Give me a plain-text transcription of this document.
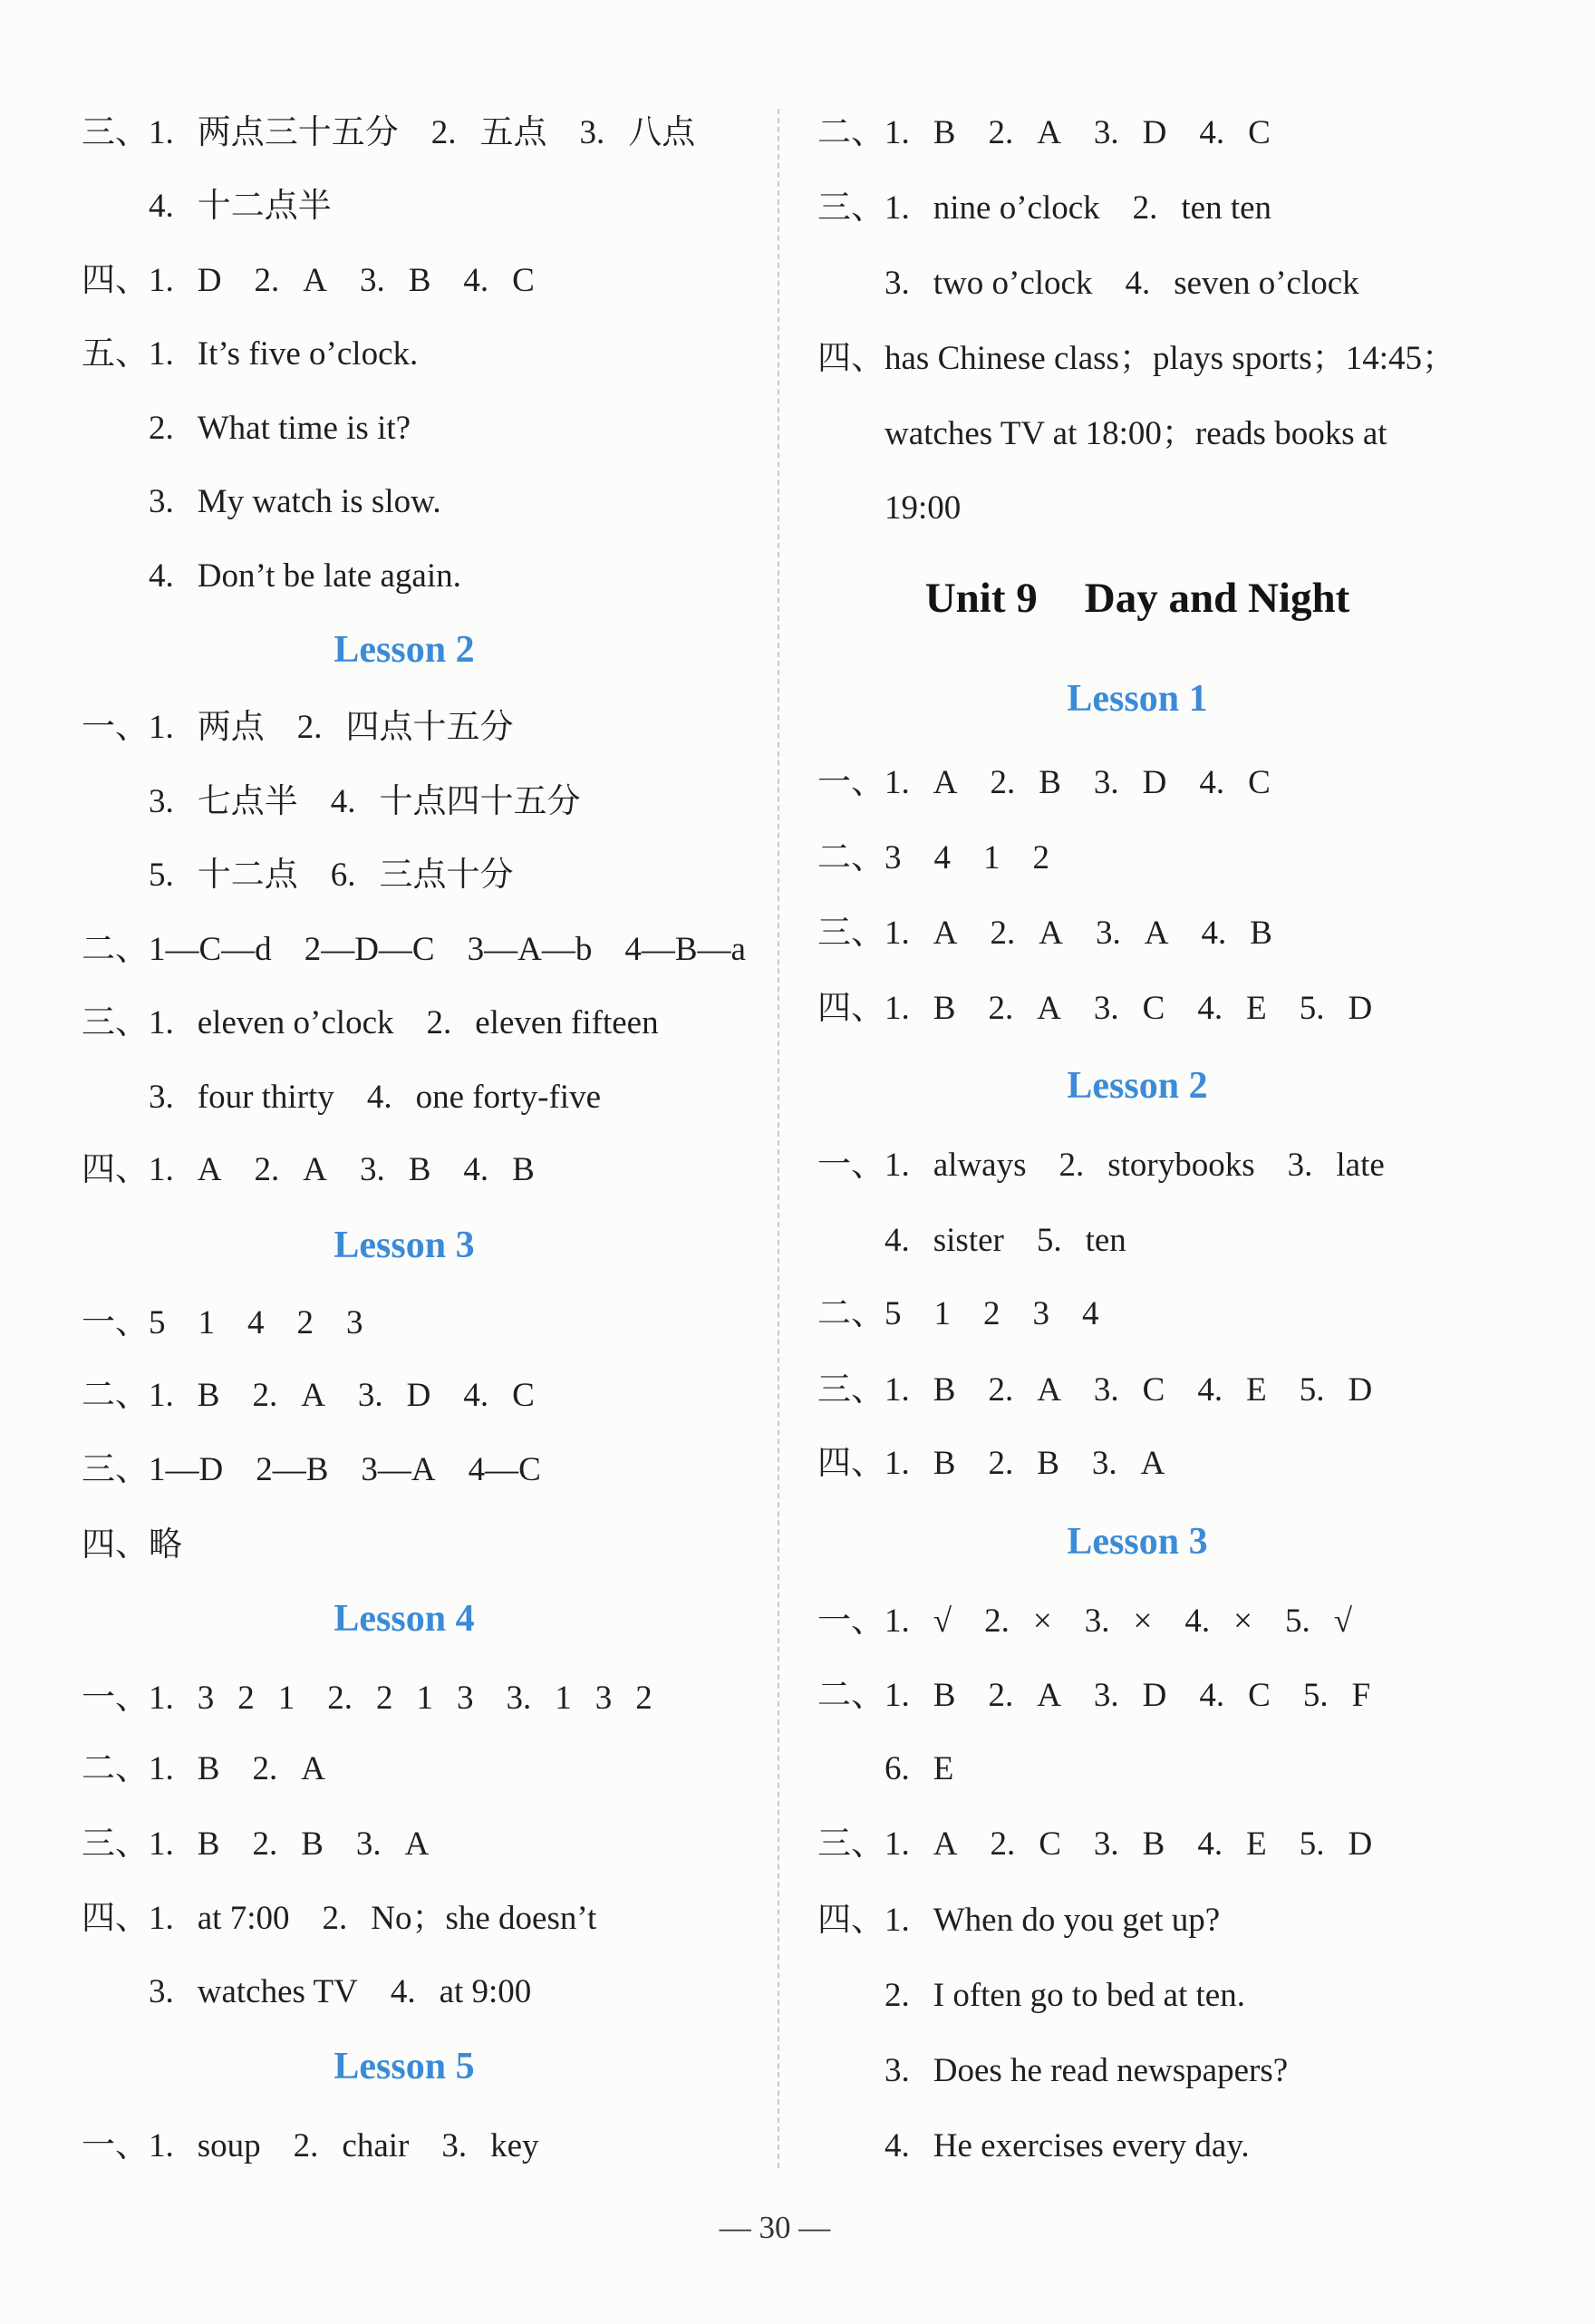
三、1. 两点三十五分 2. 五点 3. 八点
4. 十二点半
四、1. D 2. A 3. B 4. C
五、1. It’s five o’clock.
2. What time is it?
3. My watch is slow.
4. Don’t be late again.
Lesson 2
一、1. 两点 2. 四点十五分
3. 七点半 4. 十点四十五分
5. 十二点 6. 三点十分
二、1—C—d 2—D—C 3—A—b 4—B—a
三、1. eleven o’clock 2. eleven fifteen
3. four thirty 4. one forty-five
四、1. A 2. A 3. B 4. B
Lesson 3
一、5 1 4 2 3
二、1. B 2. A 3. D 4. C
三、1—D 2—B 3—A 4—C
四、略
Lesson 4
一、1. 3 2 1 2. 2 1 3 3. 1 3 2
二、1. B 2. A
三、1. B 2. B 3. A
四、1. at 7:00 2. No；she doesn’t
3. watches TV 4. at 9:00
Lesson 5
一、1. soup 2. chair 3. key
二、1. B 2. A 3. D 4. C
三、1. nine o’clock 2. ten ten
3. two o’clock 4. seven o’clock
四、has Chinese class；plays sports；14:45；
watches TV at 18:00；reads books at
19:00
Unit 9 Day and Night
Lesson 1
一、1. A 2. B 3. D 4. C
二、3 4 1 2
三、1. A 2. A 3. A 4. B
四、1. B 2. A 3. C 4. E 5. D
Lesson 2
一、1. always 2. storybooks 3. late
4. sister 5. ten
二、5 1 2 3 4
三、1. B 2. A 3. C 4. E 5. D
四、1. B 2. B 3. A
Lesson 3
一、1. √ 2. × 3. × 4. × 5. √
二、1. B 2. A 3. D 4. C 5. F
6. E
三、1. A 2. C 3. B 4. E 5. D
四、1. When do you get up?
2. I often go to bed at ten.
3. Does he read newspapers?
4. He exercises every day.
— 30 —
